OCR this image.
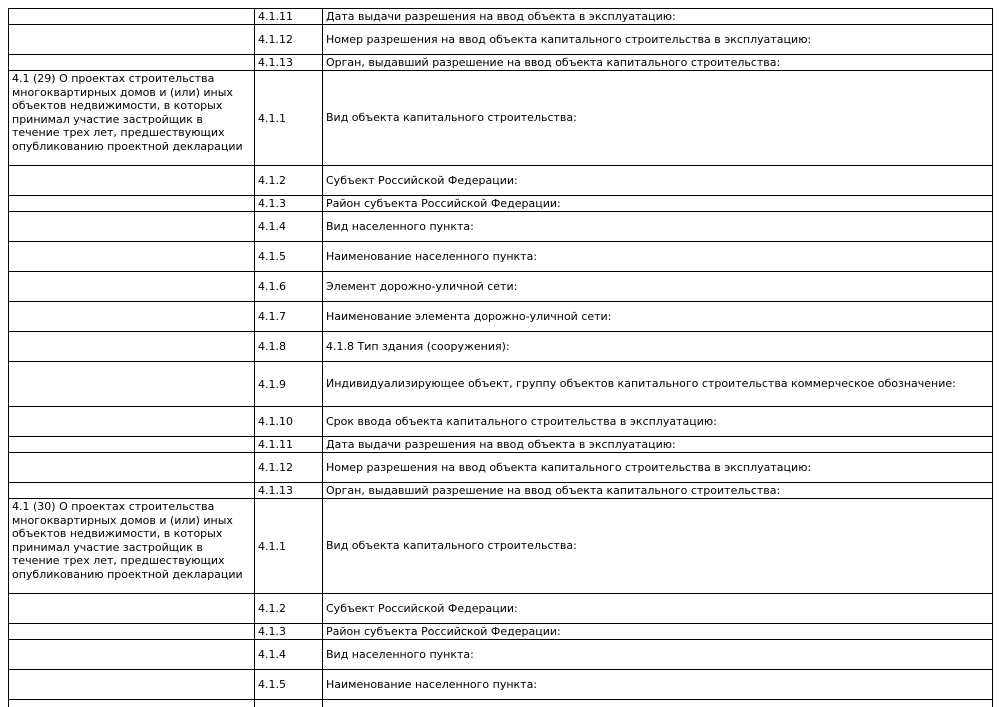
	4.1.11	Дата выдачи разрешения на ввод объекта в эксплуатацию:

	4.1.12	Номер разрешения на ввод объекта капитального строительства в эксплуатацию:

	4.1.13	Орган, выдавший разрешение на ввод объекта капитального строительства:

4.1 (29) О проектах строительства многоквартирных домов и (или) иных объектов недвижимости, в которых принимал участие застройщик в течение трех лет, предшествующих опубликованию проектной декларации	4.1.1	Вид объекта капитального строительства:

	4.1.2	Субъект Российской Федерации:

	4.1.3	Район субъекта Российской Федерации:

	4.1.4	Вид населенного пункта:

	4.1.5	Наименование населенного пункта:

	4.1.6	Элемент дорожно-уличной сети:

	4.1.7	Наименование элемента дорожно-уличной сети:

	4.1.8	4.1.8 Тип здания (сооружения):

	4.1.9	Индивидуализирующее объект, группу объектов капитального строительства коммерческое обозначение:

	4.1.10	Срок ввода объекта капитального строительства в эксплуатацию:

	4.1.11	Дата выдачи разрешения на ввод объекта в эксплуатацию:

	4.1.12	Номер разрешения на ввод объекта капитального строительства в эксплуатацию:

	4.1.13	Орган, выдавший разрешение на ввод объекта капитального строительства:

4.1 (30) О проектах строительства многоквартирных домов и (или) иных объектов недвижимости, в которых принимал участие застройщик в течение трех лет, предшествующих опубликованию проектной декларации	4.1.1	Вид объекта капитального строительства:

	4.1.2	Субъект Российской Федерации:

	4.1.3	Район субъекта Российской Федерации:

	4.1.4	Вид населенного пункта:

	4.1.5	Наименование населенного пункта:
